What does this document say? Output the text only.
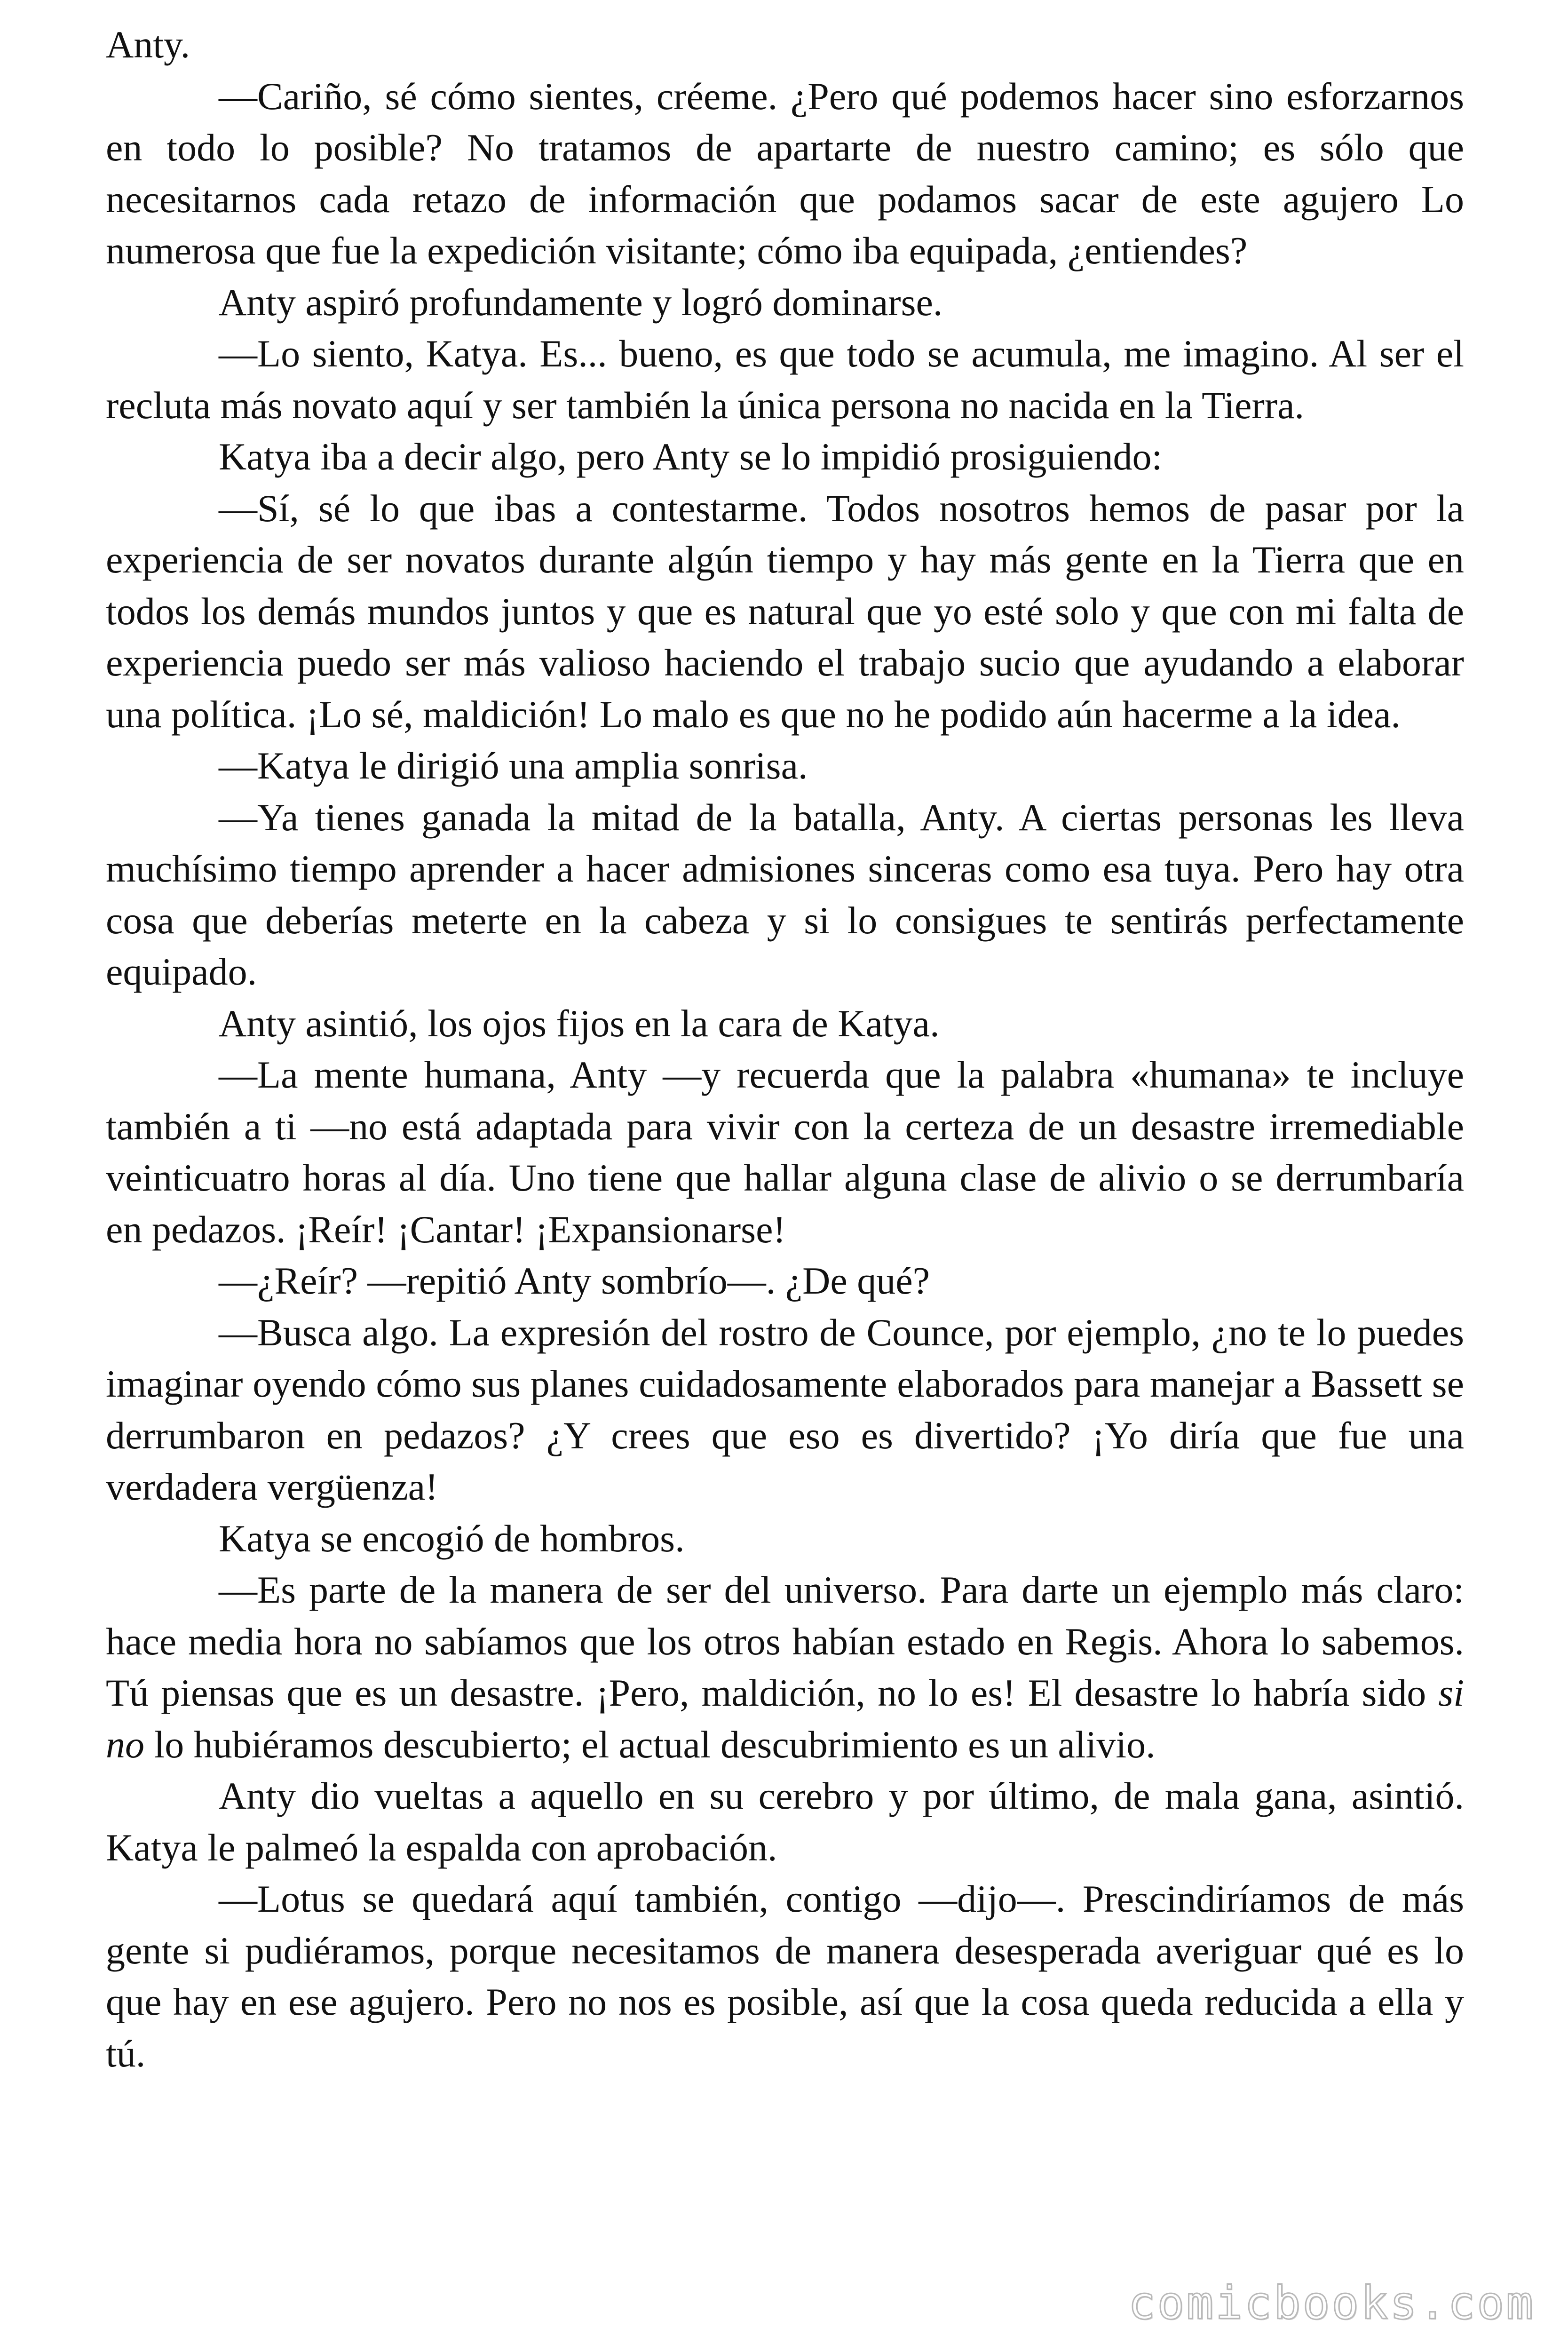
Anty.

—Cariño, sé cómo sientes, créeme. ¿Pero qué podemos hacer sino esforzarnos en todo lo posible? No tratamos de apartarte de nuestro camino; es sólo que necesitarnos cada retazo de información que podamos sacar de este agujero Lo numerosa que fue la expedición visitante; cómo iba equipada, ¿entiendes?

Anty aspiró profundamente y logró dominarse.

—Lo siento, Katya. Es... bueno, es que todo se acumula, me imagino. Al ser el recluta más novato aquí y ser también la única persona no nacida en la Tierra.

Katya iba a decir algo, pero Anty se lo impidió prosiguiendo:

—Sí, sé lo que ibas a contestarme. Todos nosotros hemos de pasar por la experiencia de ser novatos durante algún tiempo y hay más gente en la Tierra que en todos los demás mundos juntos y que es natural que yo esté solo y que con mi falta de experiencia puedo ser más valioso haciendo el trabajo sucio que ayudando a elaborar una política. ¡Lo sé, maldición! Lo malo es que no he podido aún hacerme a la idea.

—Katya le dirigió una amplia sonrisa.

—Ya tienes ganada la mitad de la batalla, Anty. A ciertas personas les lleva muchísimo tiempo aprender a hacer admisiones sinceras como esa tuya. Pero hay otra cosa que deberías meterte en la cabeza y si lo consigues te sentirás perfectamente equipado.

Anty asintió, los ojos fijos en la cara de Katya.

—La mente humana, Anty —y recuerda que la palabra «humana» te incluye también a ti —no está adaptada para vivir con la certeza de un desastre irremediable veinticuatro horas al día. Uno tiene que hallar alguna clase de alivio o se derrumbaría en pedazos. ¡Reír! ¡Cantar! ¡Expansionarse!

—¿Reír? —repitió Anty sombrío—. ¿De qué?

—Busca algo. La expresión del rostro de Counce, por ejemplo, ¿no te lo puedes imaginar oyendo cómo sus planes cuidadosamente elaborados para manejar a Bassett se derrumbaron en pedazos? ¿Y crees que eso es divertido? ¡Yo diría que fue una verdadera vergüenza!

Katya se encogió de hombros.

—Es parte de la manera de ser del universo. Para darte un ejemplo más claro: hace media hora no sabíamos que los otros habían estado en Regis. Ahora lo sabemos. Tú piensas que es un desastre. ¡Pero, maldición, no lo es! El desastre lo habría sido si no lo hubiéramos descubierto; el actual descubrimiento es un alivio.

Anty dio vueltas a aquello en su cerebro y por último, de mala gana, asintió. Katya le palmeó la espalda con aprobación.

—Lotus se quedará aquí también, contigo —dijo—. Prescindiríamos de más gente si pudiéramos, porque necesitamos de manera desesperada averiguar qué es lo que hay en ese agujero. Pero no nos es posible, así que la cosa queda reducida a ella y tú.

comicbooks.com
